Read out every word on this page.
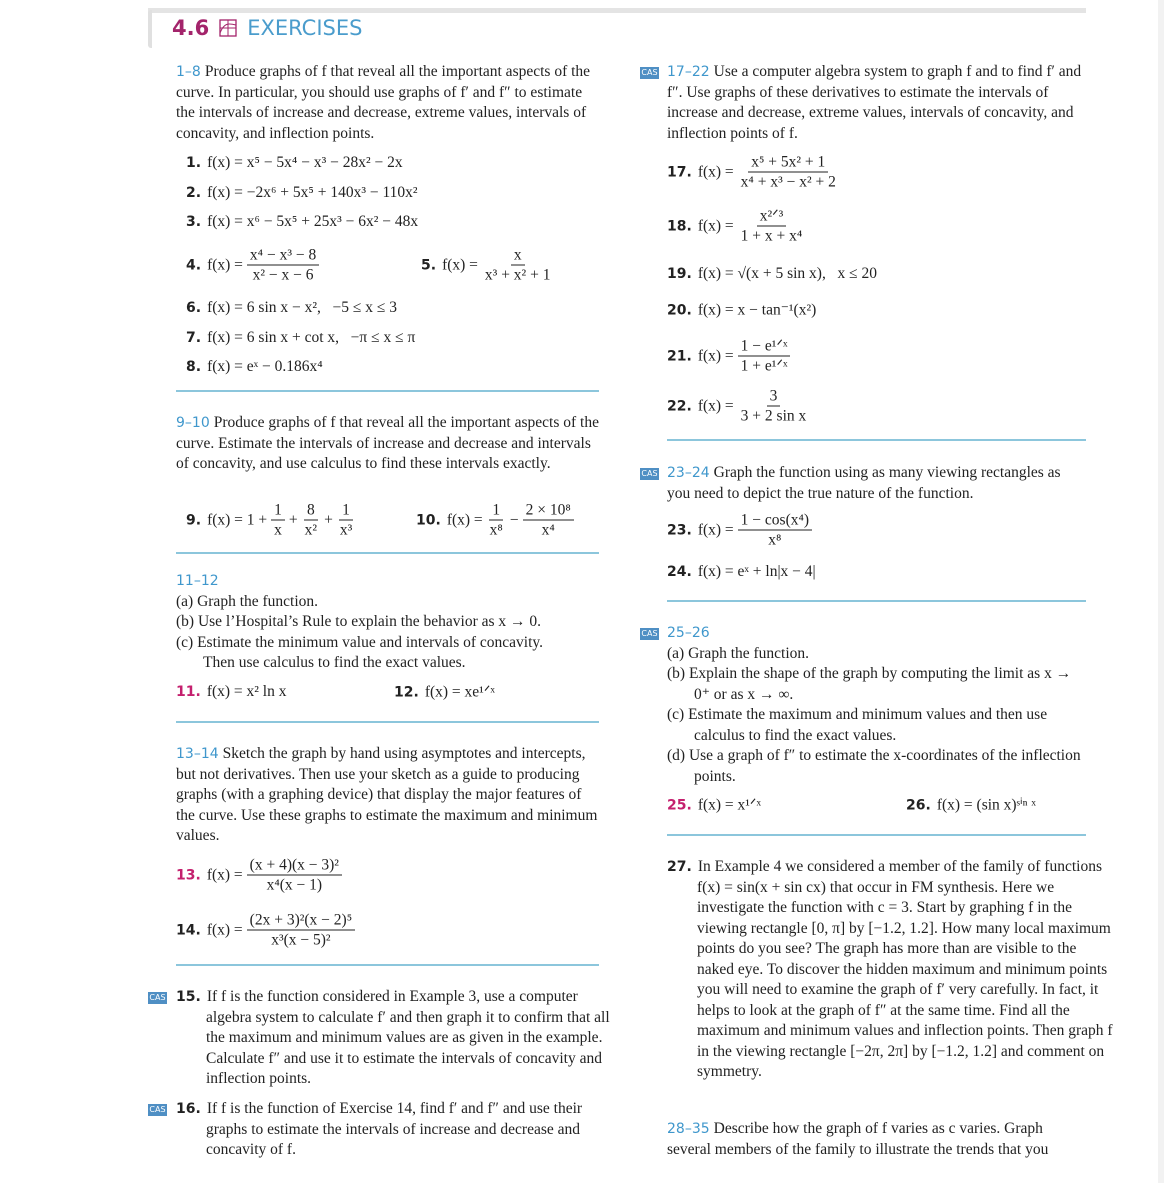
4.6 EXERCISES
1–8 Produce graphs of f that reveal all the important aspects of the curve. In particular, you should use graphs of f′ and f″ to estimate the intervals of increase and decrease, extreme values, intervals of concavity, and inflection points.
1. f(x) = x⁵ − 5x⁴ − x³ − 28x² − 2x
2. f(x) = −2x⁶ + 5x⁵ + 140x³ − 110x²
3. f(x) = x⁶ − 5x⁵ + 25x³ − 6x² − 48x
4. $f(x) = \frac{\text{x⁴ − x³ − 8}}{\text{x² − x − 6}}$	5. $f(x) = \frac{x}{\text{x³ + x² + 1}}$
6. f(x) = 6 sin x − x²,   −5 ≤ x ≤ 3
7. f(x) = 6 sin x + cot x,   −π ≤ x ≤ π
8. f(x) = eˣ − 0.186x⁴
9–10 Produce graphs of f that reveal all the important aspects of the curve. Estimate the intervals of increase and decrease and intervals of concavity, and use calculus to find these intervals exactly.
9. $f(x) = 1 + \frac{1}{x} + \frac{8}{\text{x²}} + \frac{1}{\text{x³}}$	10. $f(x) = \frac{1}{\text{x⁸}} - \frac{\text{2 × 10⁸}}{\text{x⁴}}$
11–12
(a) Graph the function.
(b) Use l’Hospital’s Rule to explain the behavior as x → 0.
(c) Estimate the minimum value and intervals of concavity.
Then use calculus to find the exact values.
11. f(x) = x² ln x	12. f(x) = xe¹ᐟˣ
13–14 Sketch the graph by hand using asymptotes and intercepts, but not derivatives. Then use your sketch as a guide to producing graphs (with a graphing device) that display the major features of the curve. Use these graphs to estimate the maximum and minimum values.
13. $f(x) = \frac{\text{(x + 4)(x − 3)²}}{\text{x⁴(x − 1)}}$
14. $f(x) = \frac{\text{(2x + 3)²(x − 2)⁵}}{\text{x³(x − 5)²}}$
CAS 15. If f is the function considered in Example 3, use a computer algebra system to calculate f′ and then graph it to confirm that all the maximum and minimum values are as given in the example. Calculate f″ and use it to estimate the intervals of concavity and inflection points.
CAS 16. If f is the function of Exercise 14, find f′ and f″ and use their graphs to estimate the intervals of increase and decrease and concavity of f.
CAS 17–22 Use a computer algebra system to graph f and to find f′ and f″. Use graphs of these derivatives to estimate the intervals of increase and decrease, extreme values, intervals of concavity, and inflection points of f.
17. $f(x) = \frac{\text{x⁵ + 5x² + 1}}{\text{x⁴ + x³ − x² + 2}}$
18. $f(x) = \frac{\text{x²ᐟ³}}{\text{1 + x + x⁴}}$
19. f(x) = √(x + 5 sin x),   x ≤ 20
20. f(x) = x − tan⁻¹(x²)
21. $f(x) = \frac{\text{1 − e¹ᐟˣ}}{\text{1 + e¹ᐟˣ}}$
22. $f(x) = \frac{3}{\text{3 + 2 sin x}}$
CAS 23–24 Graph the function using as many viewing rectangles as you need to depict the true nature of the function.
23. $f(x) = \frac{\text{1 − cos(x⁴)}}{\text{x⁸}}$
24. f(x) = eˣ + ln|x − 4|
CAS 25–26
(a) Graph the function.
(b) Explain the shape of the graph by computing the limit as x → 0⁺ or as x → ∞.
(c) Estimate the maximum and minimum values and then use calculus to find the exact values.
(d) Use a graph of f″ to estimate the x-coordinates of the inflection points.
25. f(x) = x¹ᐟˣ	26. f(x) = (sin x)ˢⁱⁿ ˣ
27. In Example 4 we considered a member of the family of functions f(x) = sin(x + sin cx) that occur in FM synthesis. Here we investigate the function with c = 3. Start by graphing f in the viewing rectangle [0, π] by [−1.2, 1.2]. How many local maximum points do you see? The graph has more than are visible to the naked eye. To discover the hidden maximum and minimum points you will need to examine the graph of f′ very carefully. In fact, it helps to look at the graph of f″ at the same time. Find all the maximum and minimum values and inflection points. Then graph f in the viewing rectangle [−2π, 2π] by [−1.2, 1.2] and comment on symmetry.
28–35 Describe how the graph of f varies as c varies. Graph several members of the family to illustrate the trends that you
